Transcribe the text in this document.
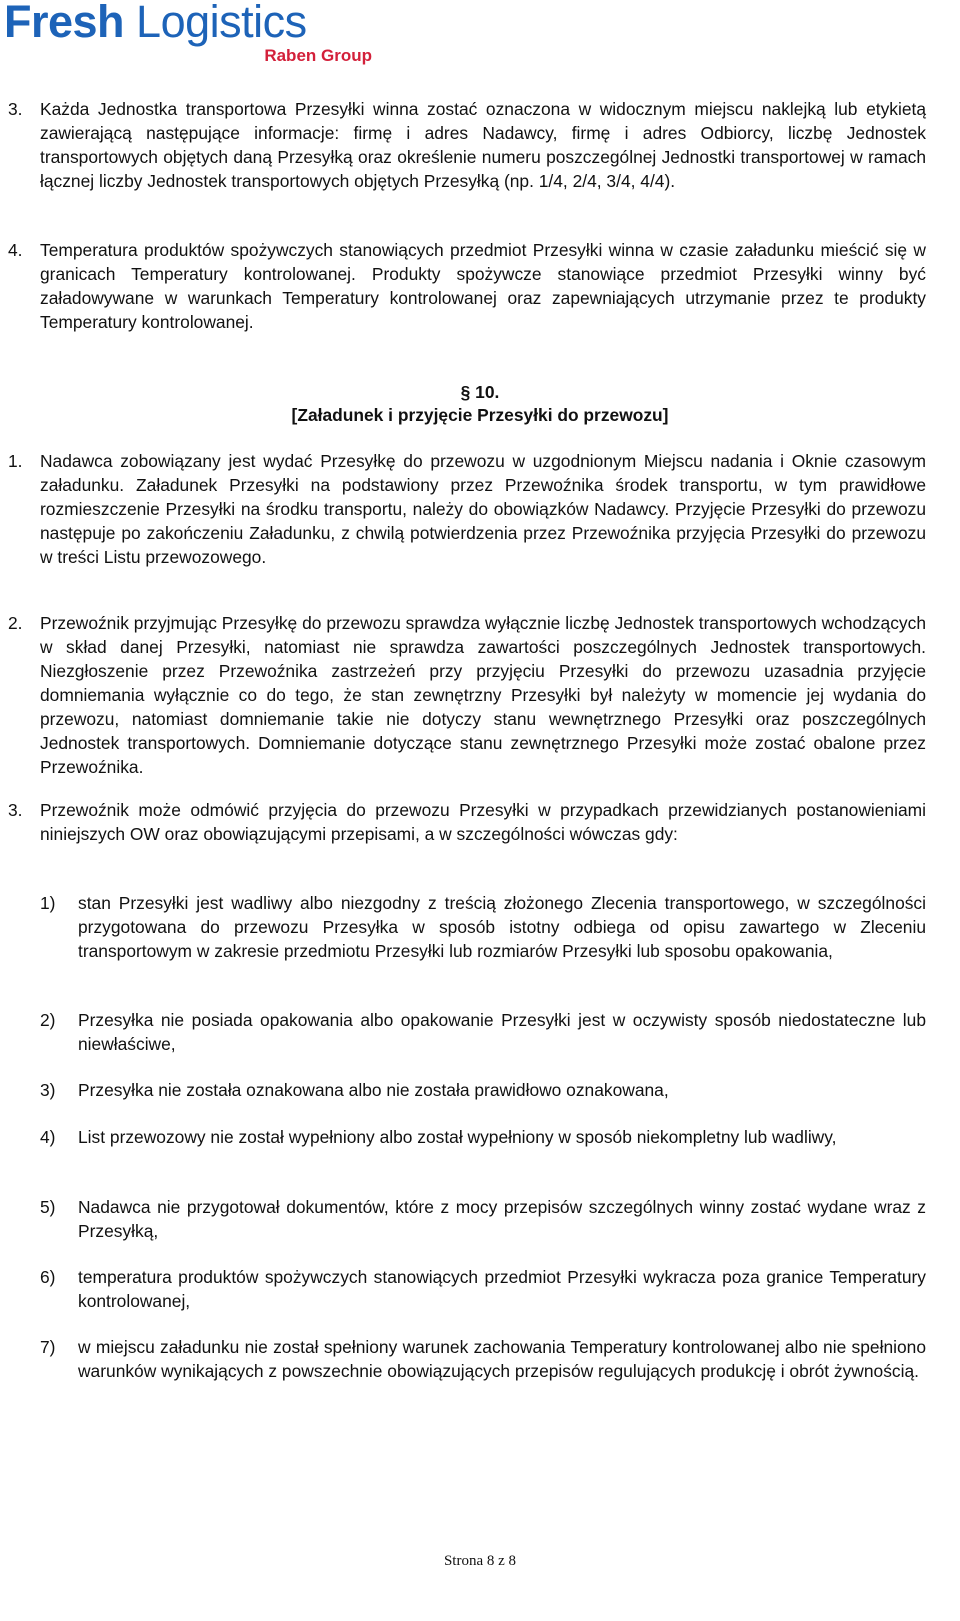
Fresh Logistics
Raben Group
3. Każda Jednostka transportowa Przesyłki winna zostać oznaczona w widocznym miejscu naklejką lub etykietą zawierającą następujące informacje: firmę i adres Nadawcy, firmę i adres Odbiorcy, liczbę Jednostek transportowych objętych daną Przesyłką oraz określenie numeru poszczególnej Jednostki transportowej w ramach łącznej liczby Jednostek transportowych objętych Przesyłką (np. 1/4, 2/4, 3/4, 4/4).
4. Temperatura produktów spożywczych stanowiących przedmiot Przesyłki winna w czasie załadunku mieścić się w granicach Temperatury kontrolowanej. Produkty spożywcze stanowiące przedmiot Przesyłki winny być załadowywane w warunkach Temperatury kontrolowanej oraz zapewniających utrzymanie przez te produkty Temperatury kontrolowanej.
§ 10.
[Załadunek i przyjęcie Przesyłki do przewozu]
1. Nadawca zobowiązany jest wydać Przesyłkę do przewozu w uzgodnionym Miejscu nadania i Oknie czasowym załadunku. Załadunek Przesyłki na podstawiony przez Przewoźnika środek transportu, w tym prawidłowe rozmieszczenie Przesyłki na środku transportu, należy do obowiązków Nadawcy. Przyjęcie Przesyłki do przewozu następuje po zakończeniu Załadunku, z chwilą potwierdzenia przez Przewoźnika przyjęcia Przesyłki do przewozu w treści Listu przewozowego.
2. Przewoźnik przyjmując Przesyłkę do przewozu sprawdza wyłącznie liczbę Jednostek transportowych wchodzących w skład danej Przesyłki, natomiast nie sprawdza zawartości poszczególnych Jednostek transportowych. Niezgłoszenie przez Przewoźnika zastrzeżeń przy przyjęciu Przesyłki do przewozu uzasadnia przyjęcie domniemania wyłącznie co do tego, że stan zewnętrzny Przesyłki był należyty w momencie jej wydania do przewozu, natomiast domniemanie takie nie dotyczy stanu wewnętrznego Przesyłki oraz poszczególnych Jednostek transportowych. Domniemanie dotyczące stanu zewnętrznego Przesyłki może zostać obalone przez Przewoźnika.
3. Przewoźnik może odmówić przyjęcia do przewozu Przesyłki w przypadkach przewidzianych postanowieniami niniejszych OW oraz obowiązującymi przepisami, a w szczególności wówczas gdy:
1) stan Przesyłki jest wadliwy albo niezgodny z treścią złożonego Zlecenia transportowego, w szczególności przygotowana do przewozu Przesyłka w sposób istotny odbiega od opisu zawartego w Zleceniu transportowym w zakresie przedmiotu Przesyłki lub rozmiarów Przesyłki lub sposobu opakowania,
2) Przesyłka nie posiada opakowania albo opakowanie Przesyłki jest w oczywisty sposób niedostateczne lub niewłaściwe,
3) Przesyłka nie została oznakowana albo nie została prawidłowo oznakowana,
4) List przewozowy nie został wypełniony albo został wypełniony w sposób niekompletny lub wadliwy,
5) Nadawca nie przygotował dokumentów, które z mocy przepisów szczególnych winny zostać wydane wraz z Przesyłką,
6) temperatura produktów spożywczych stanowiących przedmiot Przesyłki wykracza poza granice Temperatury kontrolowanej,
7) w miejscu załadunku nie został spełniony warunek zachowania Temperatury kontrolowanej albo nie spełniono warunków wynikających z powszechnie obowiązujących przepisów regulujących produkcję i obrót żywnością.
Strona 8 z 8
